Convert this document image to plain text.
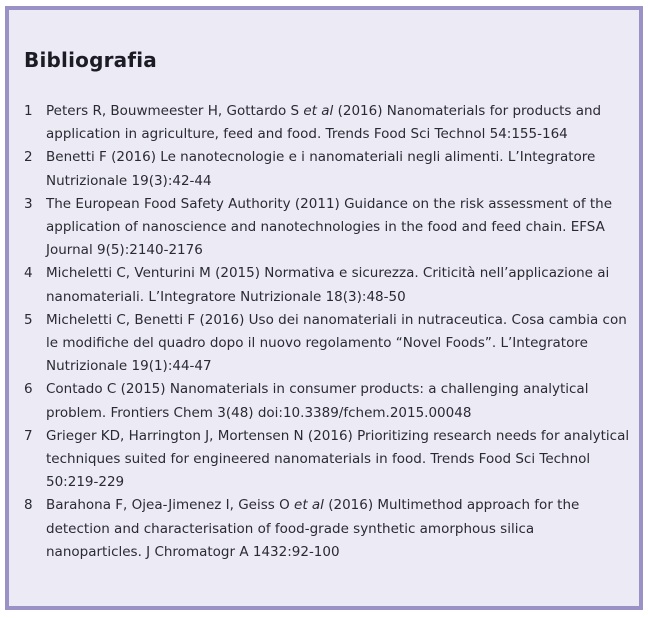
Bibliografia
1 Peters R, Bouwmeester H, Gottardo S et al (2016) Nanomaterials for products and application in agriculture, feed and food. Trends Food Sci Technol 54:155-164
2 Benetti F (2016) Le nanotecnologie e i nanomateriali negli alimenti. L’Integratore Nutrizionale 19(3):42-44
3 The European Food Safety Authority (2011) Guidance on the risk assessment of the application of nanoscience and nanotechnologies in the food and feed chain. EFSA Journal 9(5):2140-2176
4 Micheletti C, Venturini M (2015) Normativa e sicurezza. Criticità nell’applicazione ai nanomateriali. L’Integratore Nutrizionale 18(3):48-50
5 Micheletti C, Benetti F (2016) Uso dei nanomateriali in nutraceutica. Cosa cambia con le modifiche del quadro dopo il nuovo regolamento “Novel Foods”. L’Integratore Nutrizionale 19(1):44-47
6 Contado C (2015) Nanomaterials in consumer products: a challenging analytical problem. Frontiers Chem 3(48) doi:10.3389/fchem.2015.00048
7 Grieger KD, Harrington J, Mortensen N (2016) Prioritizing research needs for analytical techniques suited for engineered nanomaterials in food. Trends Food Sci Technol 50:219-229
8 Barahona F, Ojea-Jimenez I, Geiss O et al (2016) Multimethod approach for the detection and characterisation of food-grade synthetic amorphous silica nanoparticles. J Chromatogr A 1432:92-100
